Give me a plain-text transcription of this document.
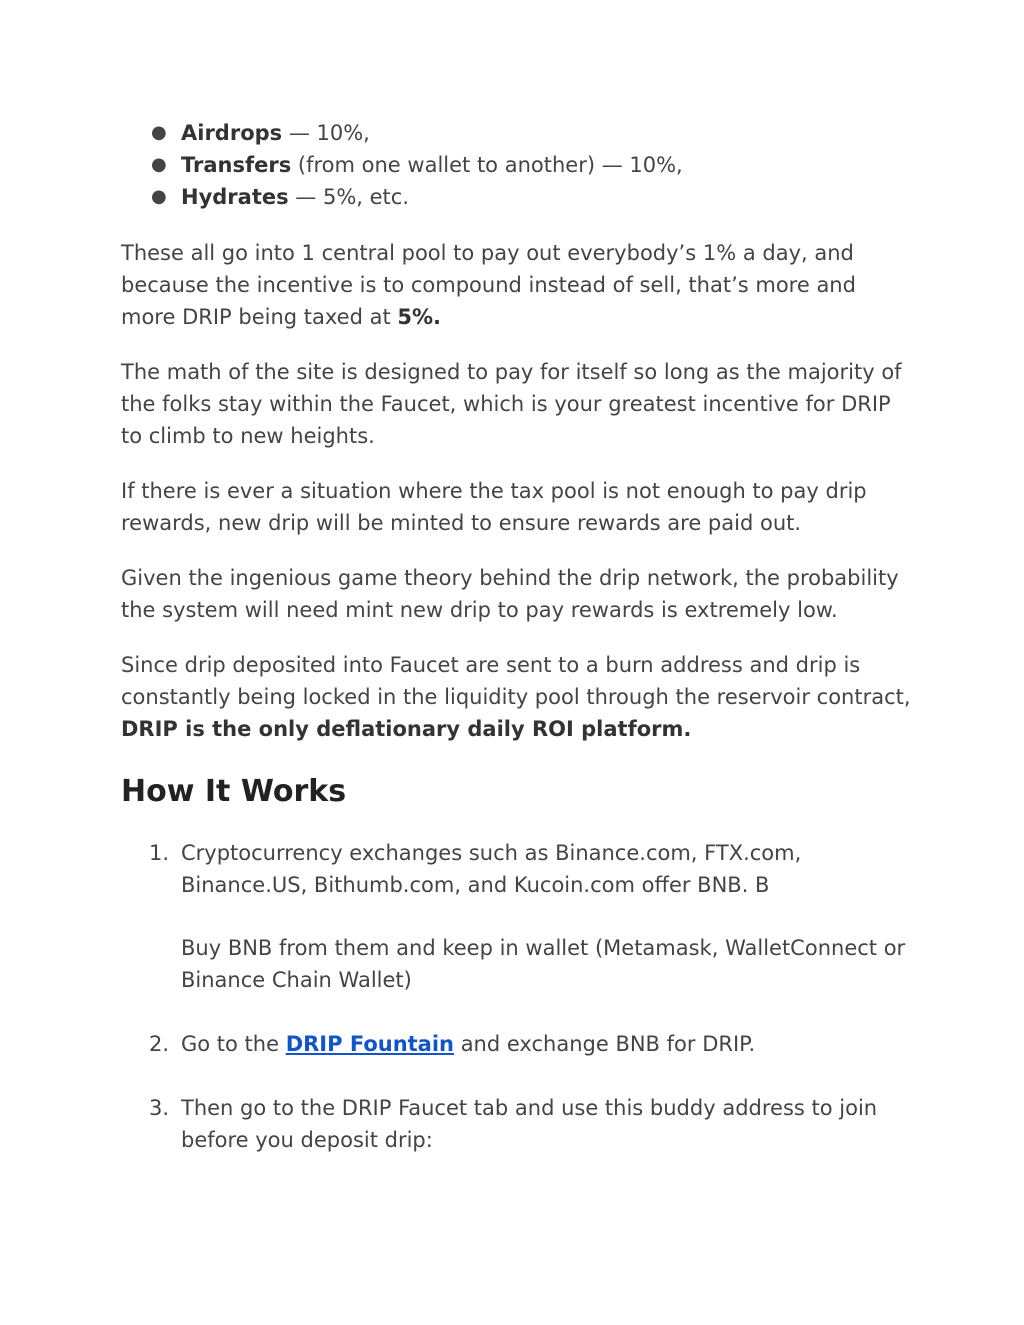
● Airdrops — 10%,
● Transfers (from one wallet to another) — 10%,
● Hydrates — 5%, etc.

These all go into 1 central pool to pay out everybody’s 1% a day, and because the incentive is to compound instead of sell, that’s more and more DRIP being taxed at 5%.

The math of the site is designed to pay for itself so long as the majority of the folks stay within the Faucet, which is your greatest incentive for DRIP to climb to new heights.

If there is ever a situation where the tax pool is not enough to pay drip rewards, new drip will be minted to ensure rewards are paid out.

Given the ingenious game theory behind the drip network, the probability the system will need mint new drip to pay rewards is extremely low.

Since drip deposited into Faucet are sent to a burn address and drip is constantly being locked in the liquidity pool through the reservoir contract, DRIP is the only deflationary daily ROI platform.

How It Works
1. Cryptocurrency exchanges such as Binance.com, FTX.com, Binance.US, Bithumb.com, and Kucoin.com offer BNB. B
Buy BNB from them and keep in wallet (Metamask, WalletConnect or Binance Chain Wallet)
2. Go to the DRIP Fountain and exchange BNB for DRIP.
3. Then go to the DRIP Faucet tab and use this buddy address to join before you deposit drip:
